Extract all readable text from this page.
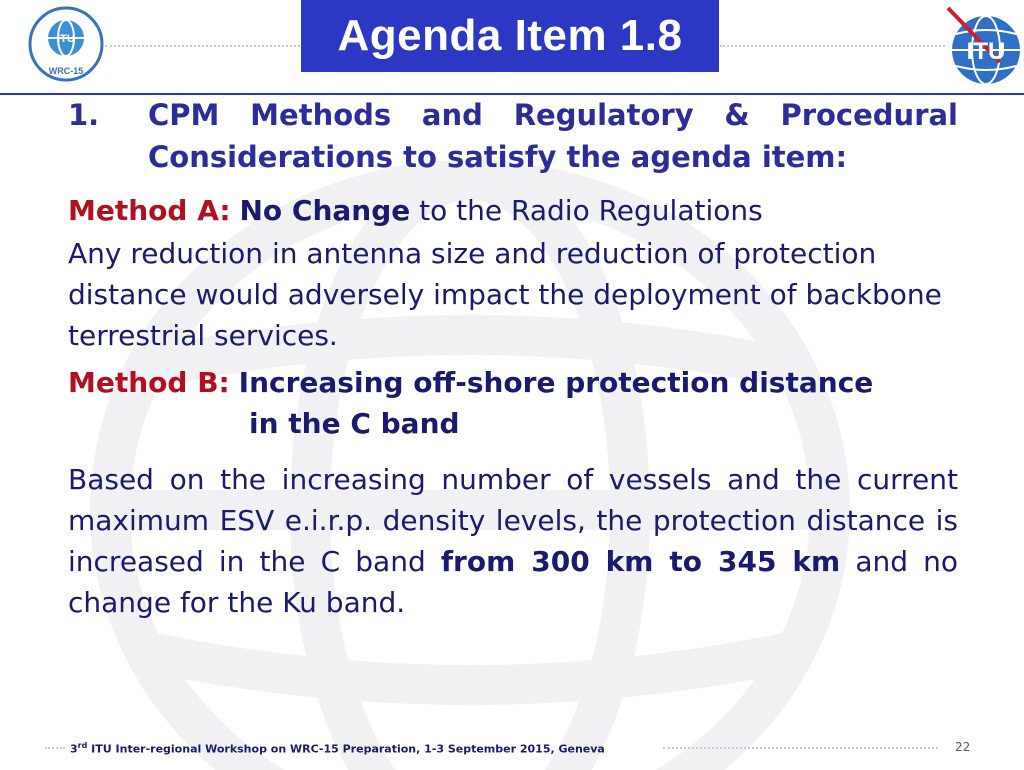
ITU
WRC-15
Agenda Item 1.8	ITU
1.	CPM Methods and Regulatory & Procedural
Considerations to satisfy the agenda item:
Method A: No Change to the Radio Regulations
Any reduction in antenna size and reduction of protection distance would adversely impact the deployment of backbone terrestrial services.
Method B:
Increasing off-shore protection distance
in the C band
Based on the increasing number of vessels and the current maximum ESV e.i.r.p. density levels, the protection distance is increased in the C band from 300 km to 345 km and no change for the Ku band.
3rd ITU Inter-regional Workshop on WRC-15 Preparation, 1-3 September 2015, Geneva	22
